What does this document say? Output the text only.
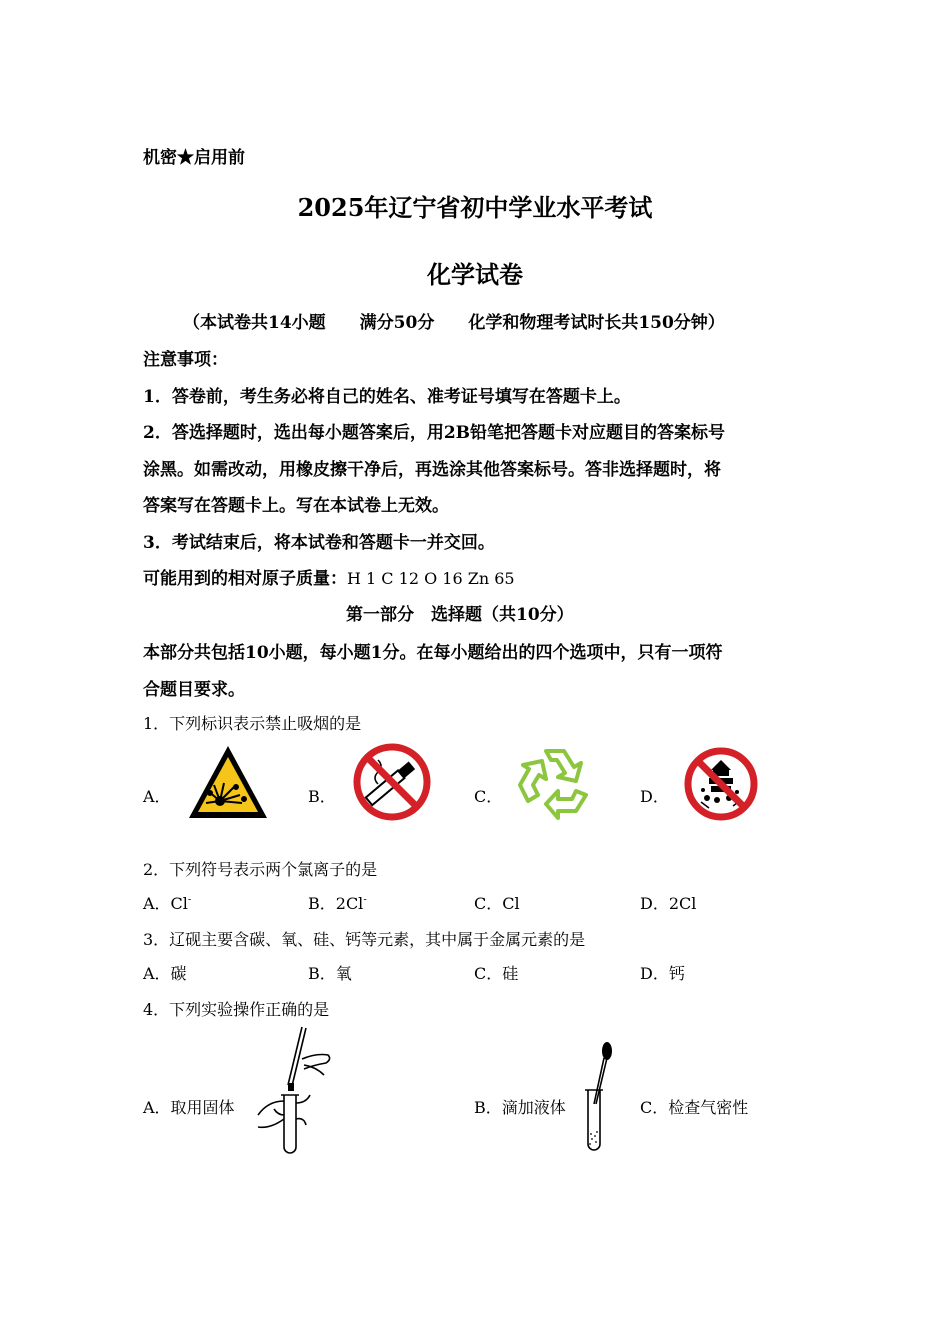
机密★启用前
2025年辽宁省初中学业水平考试
化学试卷
（本试卷共14小题　　满分50分　　化学和物理考试时长共150分钟）
注意事项：
1．答卷前，考生务必将自己的姓名、准考证号填写在答题卡上。
2．答选择题时，选出每小题答案后，用2B铅笔把答题卡对应题目的答案标号
涂黑。如需改动，用橡皮擦干净后，再选涂其他答案标号。答非选择题时，将
答案写在答题卡上。写在本试卷上无效。
3．考试结束后，将本试卷和答题卡一并交回。
可能用到的相对原子质量：H 1 C 12 O 16 Zn 65
第一部分　选择题（共10分）
本部分共包括10小题，每小题1分。在每小题给出的四个选项中，只有一项符
合题目要求。
1．下列标识表示禁止吸烟的是
A．	B．	C．	D．
2．下列符号表示两个氯离子的是
A．Cl-	B．2Cl-	C．Cl	D．2Cl
3．辽砚主要含碳、氧、硅、钙等元素，其中属于金属元素的是
A．碳	B．氧	C．硅	D．钙
4．下列实验操作正确的是
A．取用固体	B．滴加液体	C．检查气密性
